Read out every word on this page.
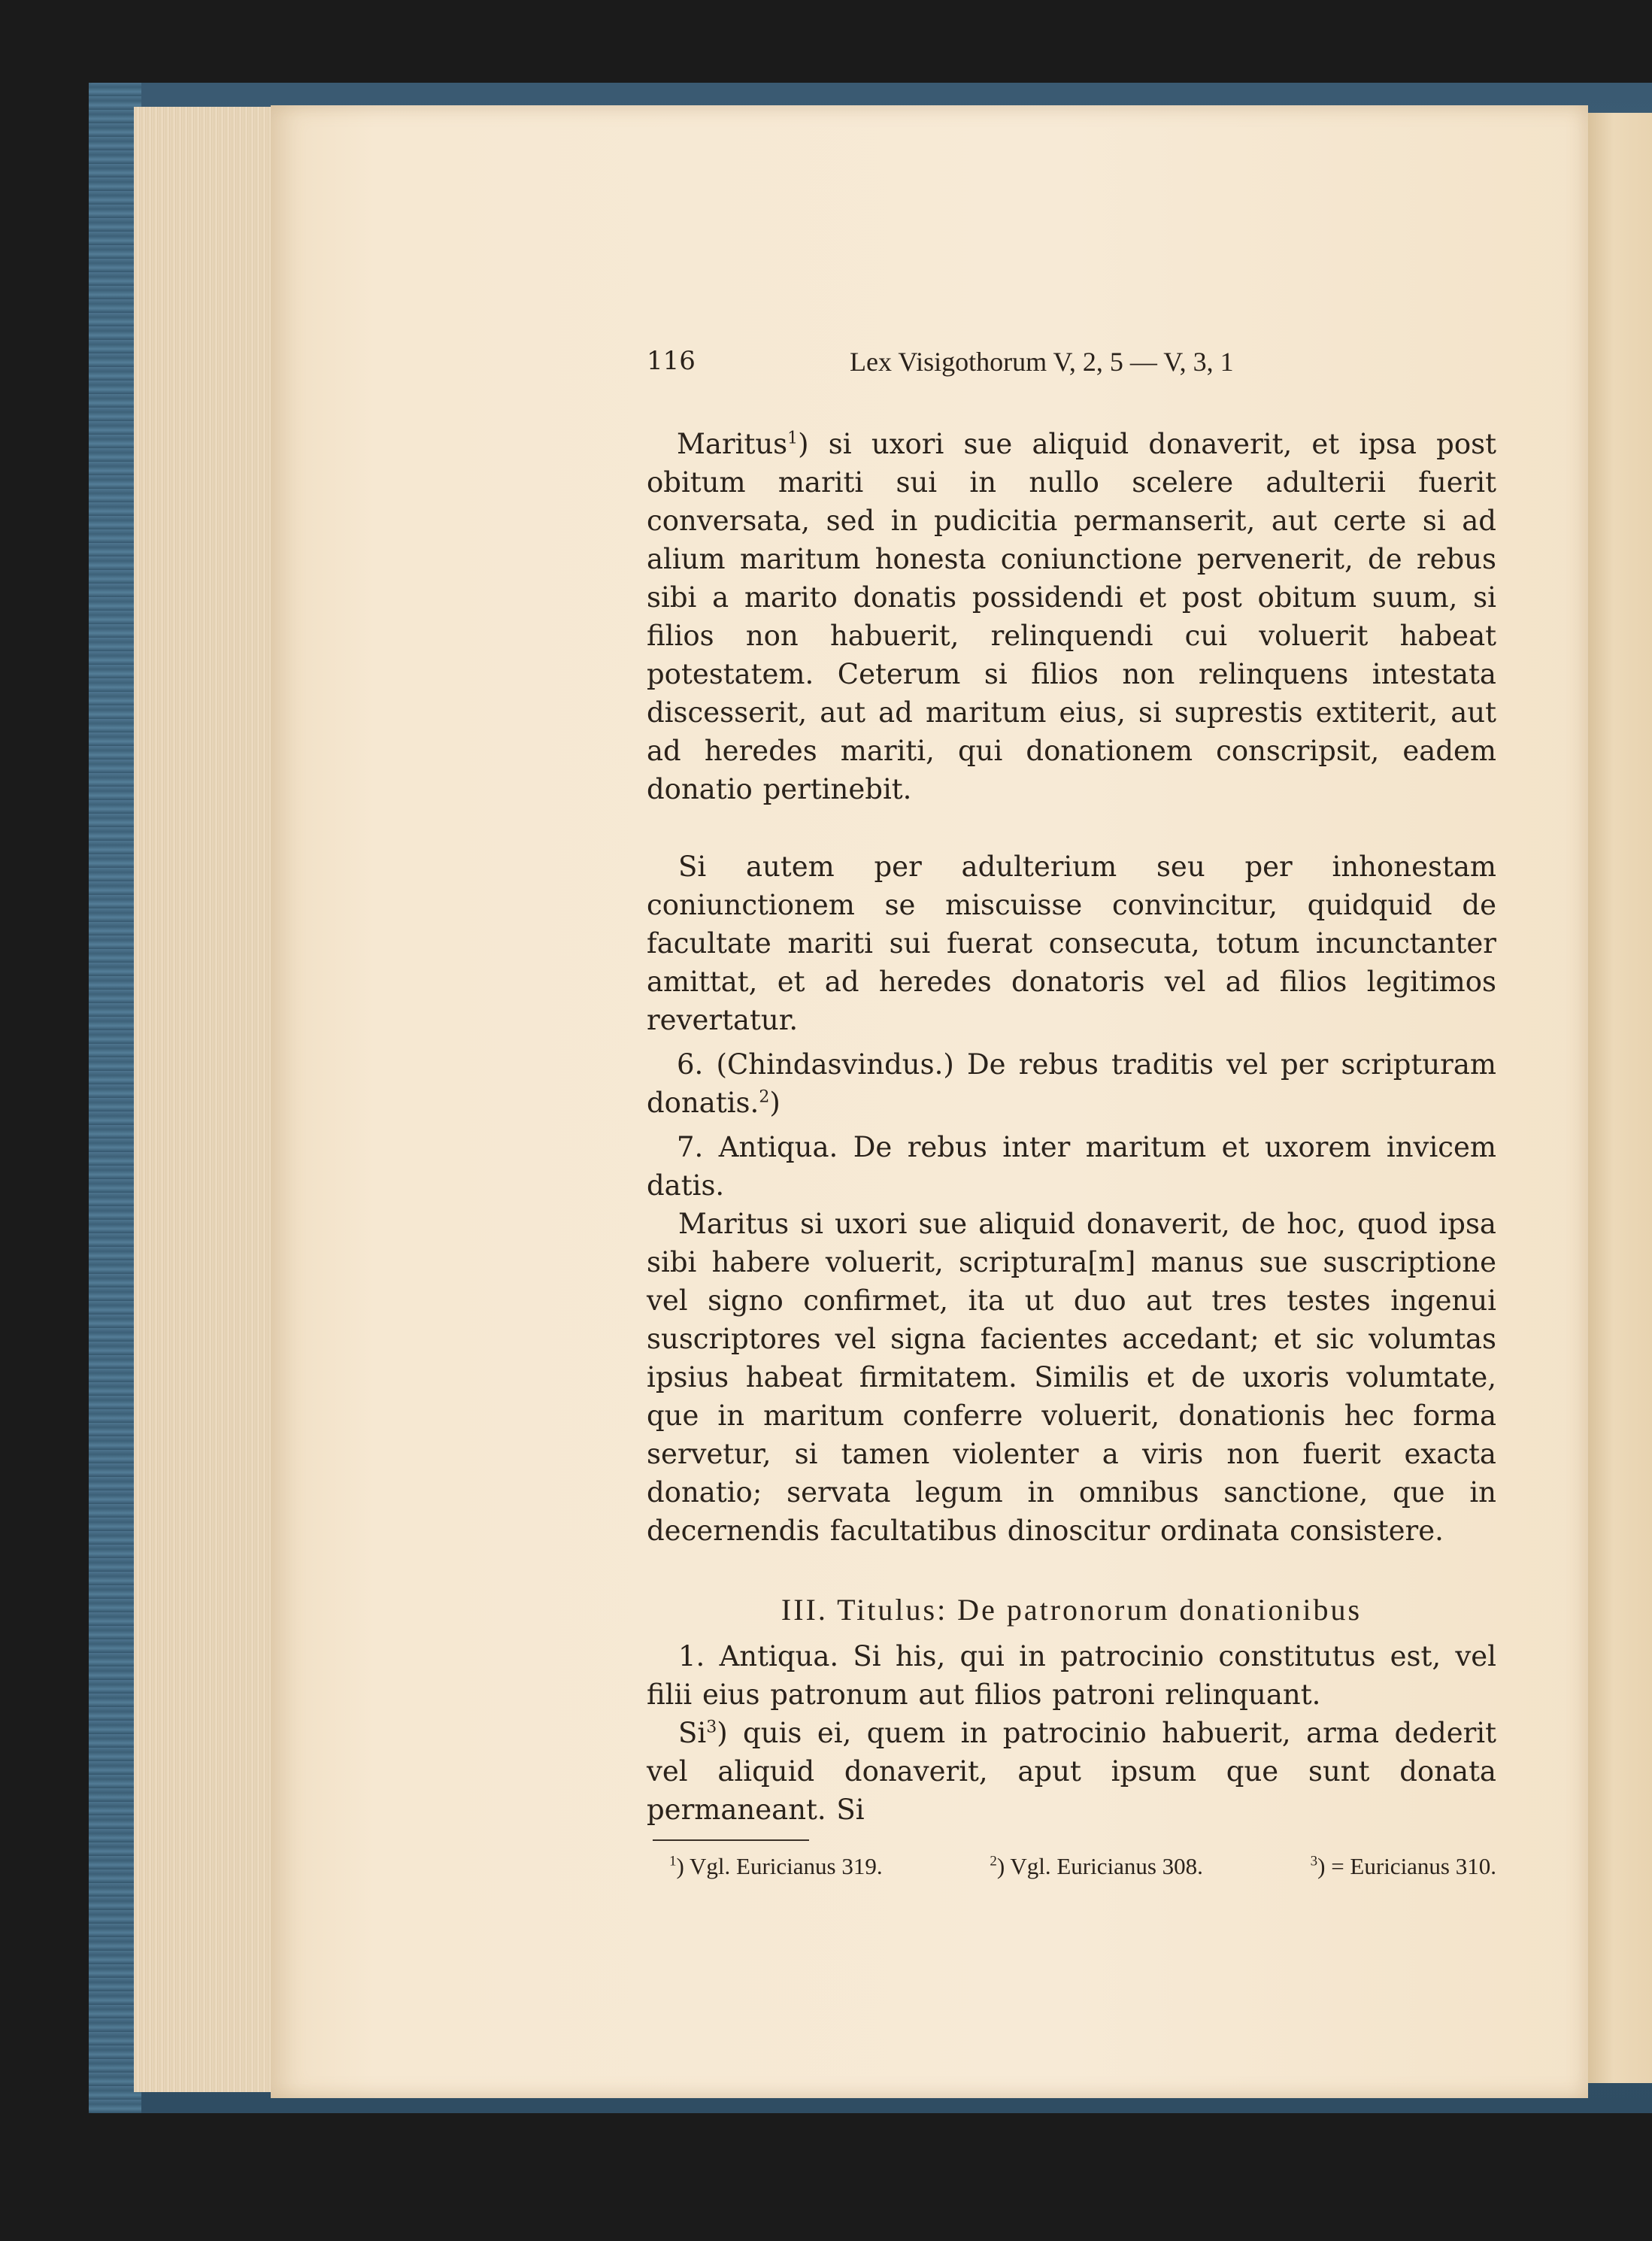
116	Lex Visigothorum V, 2, 5 — V, 3, 1

Maritus$^1$) si uxori sue aliquid donaverit, et ipsa post obitum mariti sui in nullo scelere adulterii fuerit conversata, sed in pudicitia permanserit, aut certe si ad alium maritum honesta coniunctione pervenerit, de rebus sibi a marito donatis possidendi et post obitum suum, si filios non habuerit, relinquendi cui voluerit habeat potestatem. Ceterum si filios non relinquens intestata discesserit, aut ad maritum eius, si suprestis extiterit, aut ad heredes mariti, qui donationem conscripsit, eadem donatio pertinebit.

Si autem per adulterium seu per inhonestam coniunctionem se miscuisse convincitur, quidquid de facultate mariti sui fuerat consecuta, totum incunctanter amittat, et ad heredes donatoris vel ad filios legitimos revertatur.

6. (Chindasvindus.) De rebus traditis vel per scripturam donatis.$^2$)

7. Antiqua. De rebus inter maritum et uxorem invicem datis.

Maritus si uxori sue aliquid donaverit, de hoc, quod ipsa sibi habere voluerit, scriptura[m] manus sue suscriptione vel signo confirmet, ita ut duo aut tres testes ingenui suscriptores vel signa facientes accedant; et sic volumtas ipsius habeat firmitatem. Similis et de uxoris volumtate, que in maritum conferre voluerit, donationis hec forma servetur, si tamen violenter a viris non fuerit exacta donatio; servata legum in omnibus sanctione, que in decernendis facultatibus dinoscitur ordinata consistere.

III. Titulus: De patronorum donationibus

1. Antiqua. Si his, qui in patrocinio constitutus est, vel filii eius patronum aut filios patroni relinquant.

Si$^3$) quis ei, quem in patrocinio habuerit, arma dederit vel aliquid donaverit, aput ipsum que sunt donata permaneant. Si

$^1$) Vgl. Euricianus 319.	$^2$) Vgl. Euricianus 308.	$^3$) = Euricianus 310.
